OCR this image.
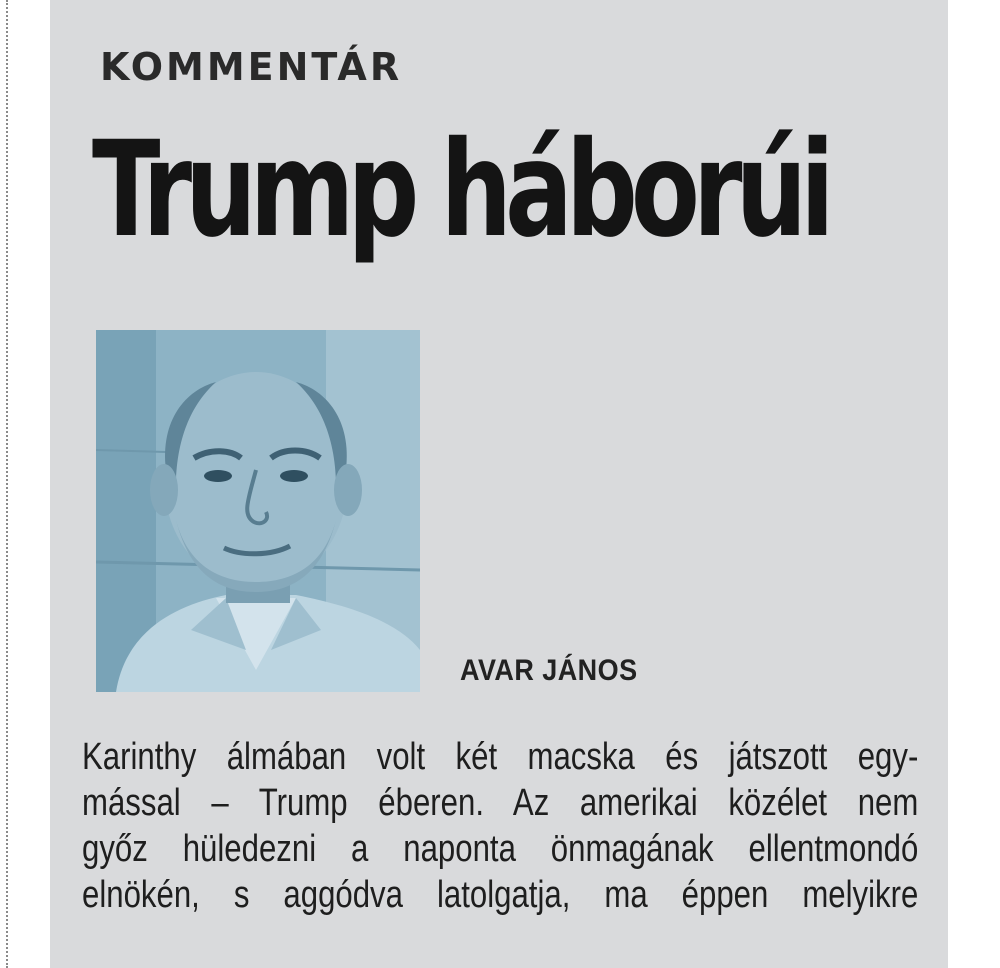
KOMMENTÁR
Trump háborúi

AVAR JÁNOS

Karinthy álmában volt két macska és játszott egy-
mással – Trump éberen. Az amerikai közélet nem
győz hüledezni a naponta önmagának ellentmondó
elnökén, s aggódva latolgatja, ma éppen melyikre
